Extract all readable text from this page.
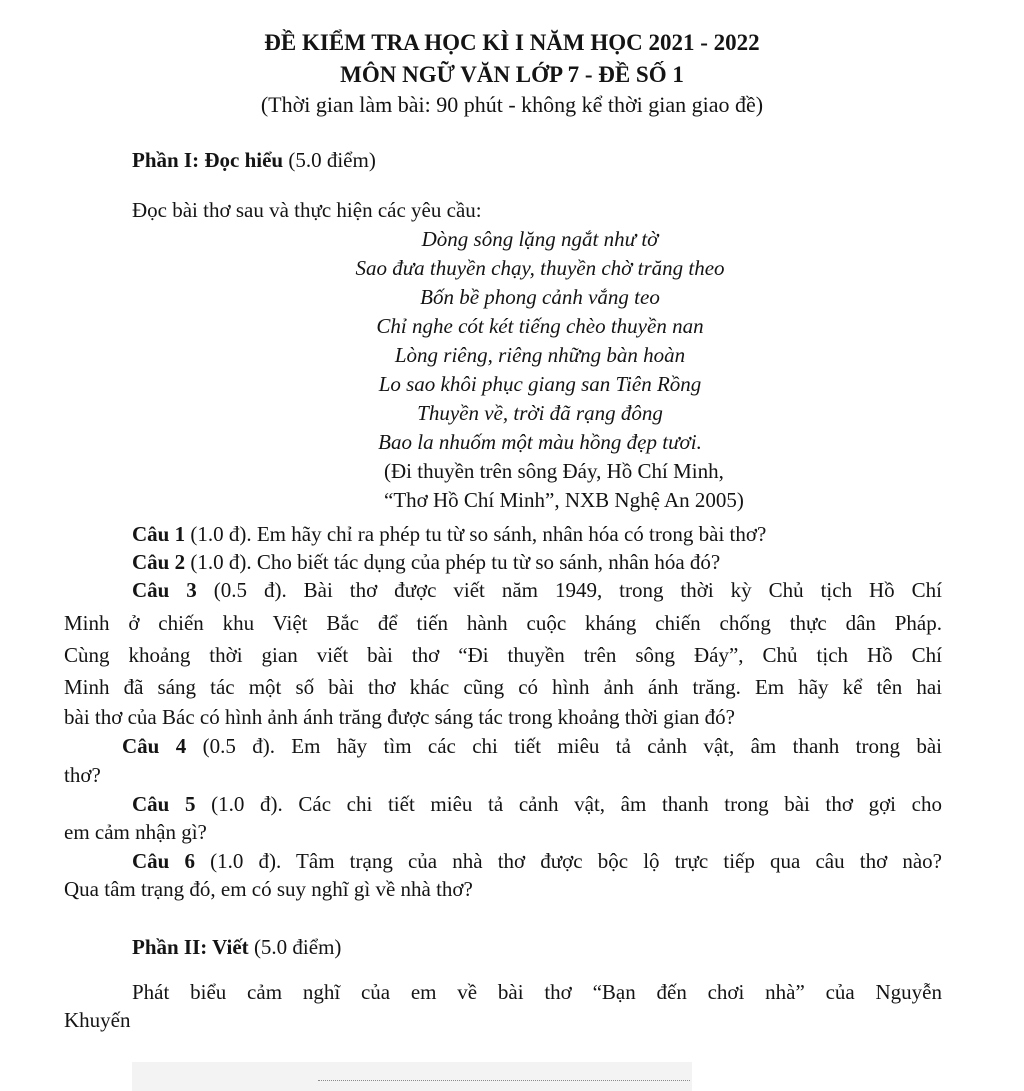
ĐỀ KIỂM TRA HỌC KÌ I NĂM HỌC 2021 - 2022
MÔN NGỮ VĂN LỚP 7 - ĐỀ SỐ 1
(Thời gian làm bài: 90 phút - không kể thời gian giao đề)
Phần I: Đọc hiểu (5.0 điểm)
Đọc bài thơ sau và thực hiện các yêu cầu:
Dòng sông lặng ngắt như tờ
Sao đưa thuyền chạy, thuyền chờ trăng theo
Bốn bề phong cảnh vắng teo
Chỉ nghe cót két tiếng chèo thuyền nan
Lòng riêng, riêng những bàn hoàn
Lo sao khôi phục giang san Tiên Rồng
Thuyền về, trời đã rạng đông
Bao la nhuốm một màu hồng đẹp tươi.
(Đi thuyền trên sông Đáy, Hồ Chí Minh,
“Thơ Hồ Chí Minh”, NXB Nghệ An 2005)
Câu 1 (1.0 đ). Em hãy chỉ ra phép tu từ so sánh, nhân hóa có trong bài thơ?
Câu 2 (1.0 đ). Cho biết tác dụng của phép tu từ so sánh, nhân hóa đó?
Câu 3 (0.5 đ). Bài thơ được viết năm 1949, trong thời kỳ Chủ tịch Hồ Chí
Minh ở chiến khu Việt Bắc để tiến hành cuộc kháng chiến chống thực dân Pháp.
Cùng khoảng thời gian viết bài thơ “Đi thuyền trên sông Đáy”, Chủ tịch Hồ Chí
Minh đã sáng tác một số bài thơ khác cũng có hình ảnh ánh trăng. Em hãy kể tên hai
bài thơ của Bác có hình ảnh ánh trăng được sáng tác trong khoảng thời gian đó?
Câu 4 (0.5 đ). Em hãy tìm các chi tiết miêu tả cảnh vật, âm thanh trong bài
thơ?
Câu 5 (1.0 đ). Các chi tiết miêu tả cảnh vật, âm thanh trong bài thơ gợi cho
em cảm nhận gì?
Câu 6 (1.0 đ). Tâm trạng của nhà thơ được bộc lộ trực tiếp qua câu thơ nào?
Qua tâm trạng đó, em có suy nghĩ gì về nhà thơ?
Phần II: Viết (5.0 điểm)
Phát biểu cảm nghĩ của em về bài thơ “Bạn đến chơi nhà” của Nguyễn
Khuyến
